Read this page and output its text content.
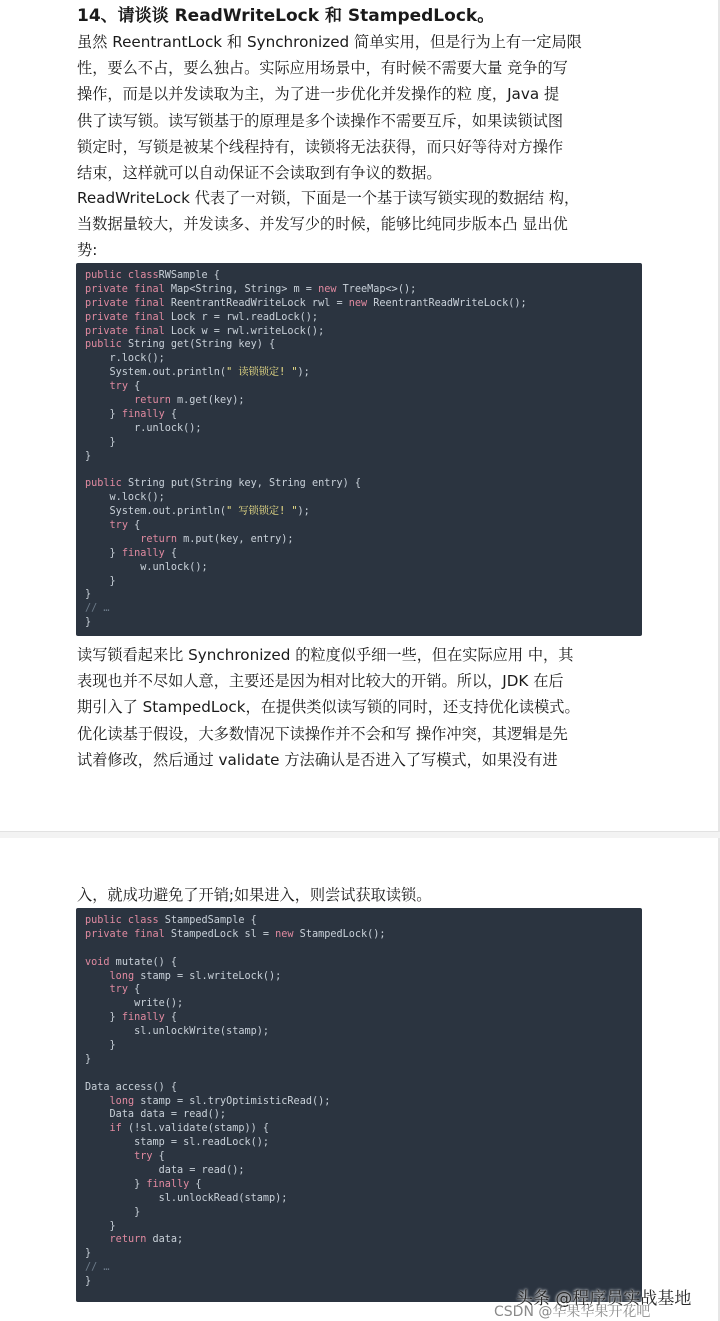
14、请谈谈 ReadWriteLock 和 StampedLock。
虽然 ReentrantLock 和 Synchronized 简单实用，但是行为上有一定局限
性，要么不占，要么独占。实际应用场景中，有时候不需要大量 竞争的写
操作，而是以并发读取为主，为了进一步优化并发操作的粒 度，Java 提
供了读写锁。读写锁基于的原理是多个读操作不需要互斥，如果读锁试图
锁定时，写锁是被某个线程持有，读锁将无法获得，而只好等待对方操作
结束，这样就可以自动保证不会读取到有争议的数据。
ReadWriteLock 代表了一对锁，下面是一个基于读写锁实现的数据结 构，
当数据量较大，并发读多、并发写少的时候，能够比纯同步版本凸 显出优
势:
public classRWSample {
private final Map<String, String> m = new TreeMap<>();
private final ReentrantReadWriteLock rwl = new ReentrantReadWriteLock();
private final Lock r = rwl.readLock();
private final Lock w = rwl.writeLock();
public String get(String key) {
r.lock();
System.out.println(" 读锁锁定! ");
try {
return m.get(key);
} finally {
r.unlock();
}
}
public String put(String key, String entry) {
w.lock();
System.out.println(" 写锁锁定! ");
try {
return m.put(key, entry);
} finally {
w.unlock();
}
}
// …
}
读写锁看起来比 Synchronized 的粒度似乎细一些，但在实际应用 中，其
表现也并不尽如人意，主要还是因为相对比较大的开销。所以，JDK 在后
期引入了 StampedLock，在提供类似读写锁的同时，还支持优化读模式。
优化读基于假设，大多数情况下读操作并不会和写 操作冲突，其逻辑是先
试着修改，然后通过 validate 方法确认是否进入了写模式，如果没有进
入，就成功避免了开销;如果进入，则尝试获取读锁。
public class StampedSample {
private final StampedLock sl = new StampedLock();
void mutate() {
long stamp = sl.writeLock();
try {
write();
} finally {
sl.unlockWrite(stamp);
}
}
Data access() {
long stamp = sl.tryOptimisticRead();
Data data = read();
if (!sl.validate(stamp)) {
stamp = sl.readLock();
try {
data = read();
} finally {
sl.unlockRead(stamp);
}
}
return data;
}
// …
}
头条 @程序员实战基地
CSDN @华果华果开花吧
